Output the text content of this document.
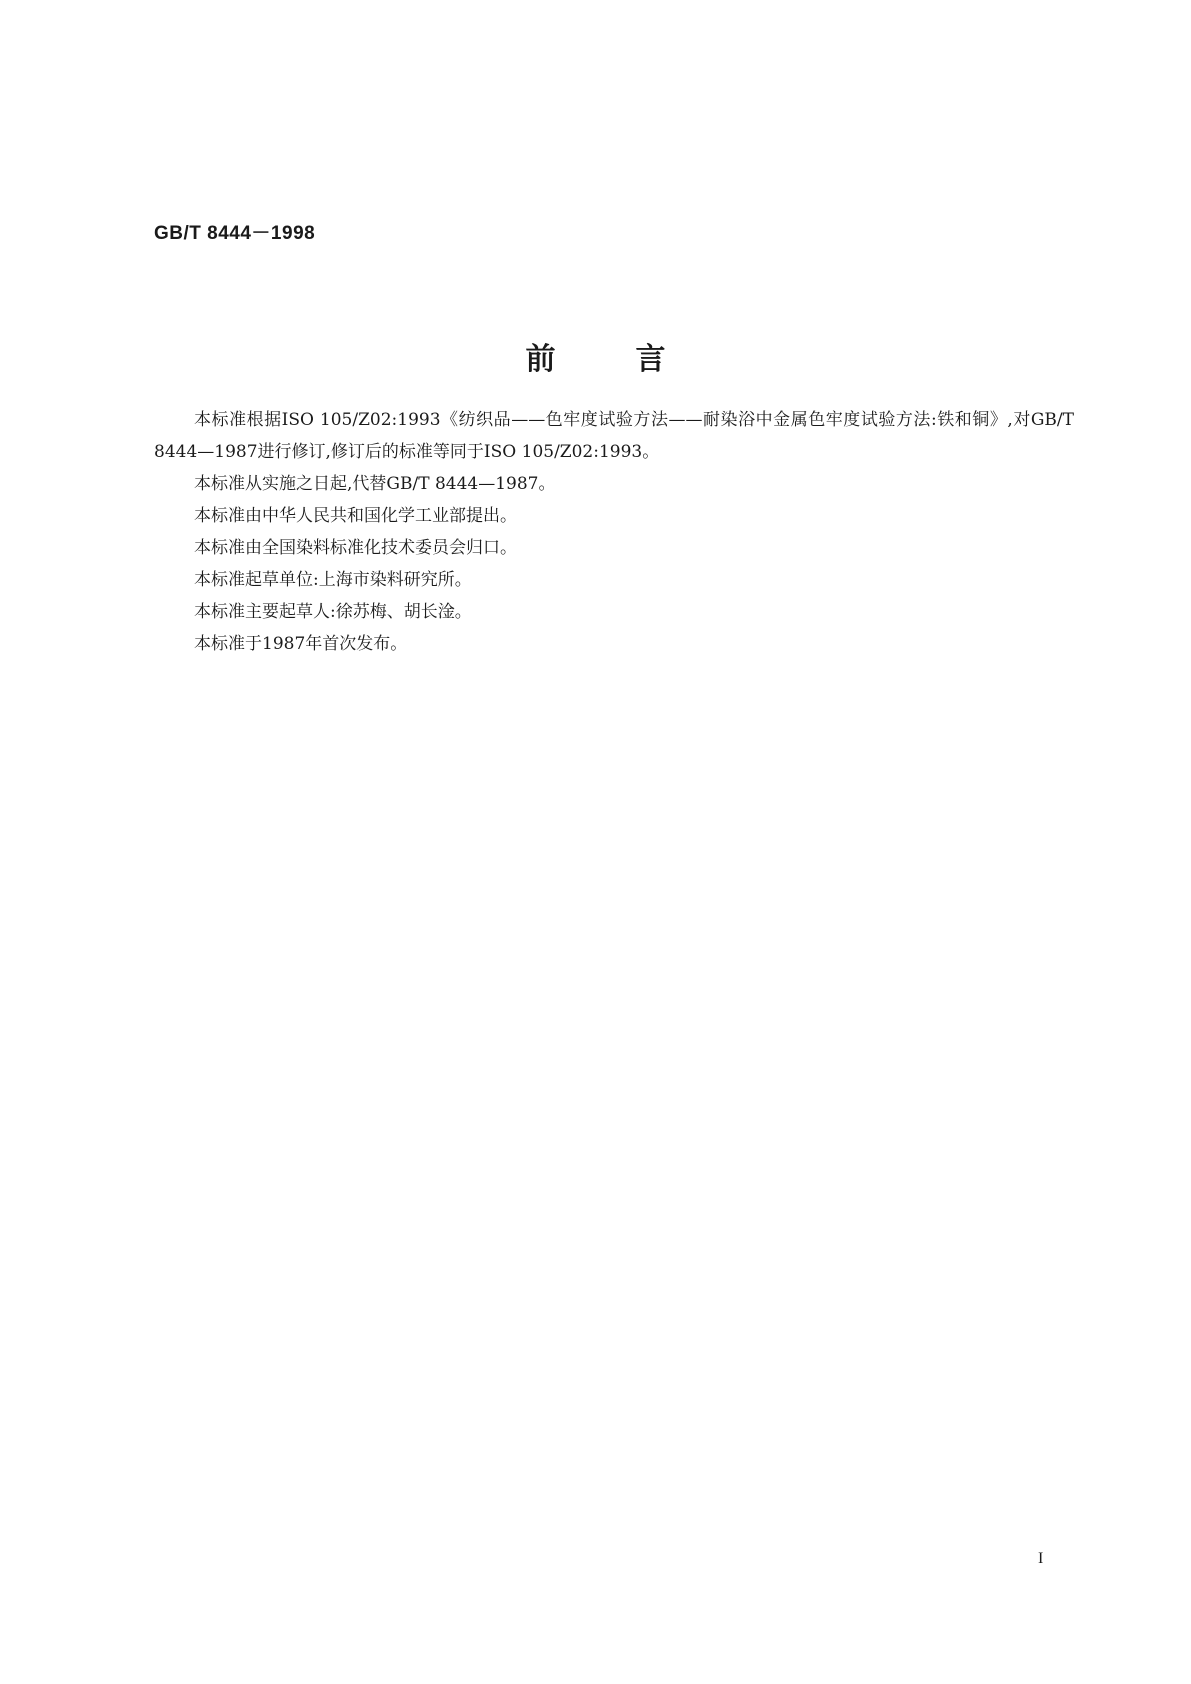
GB/T 8444－1998
前言

本标准根据ISO 105/Z02:1993《纺织品——色牢度试验方法——耐染浴中金属色牢度试验方法:铁和铜》,对GB/T 8444—1987进行修订,修订后的标准等同于ISO 105/Z02:1993。

本标准从实施之日起,代替GB/T 8444—1987。

本标准由中华人民共和国化学工业部提出。

本标准由全国染料标准化技术委员会归口。

本标准起草单位:上海市染料研究所。

本标准主要起草人:徐苏梅、胡长淦。

本标准于1987年首次发布。

I
